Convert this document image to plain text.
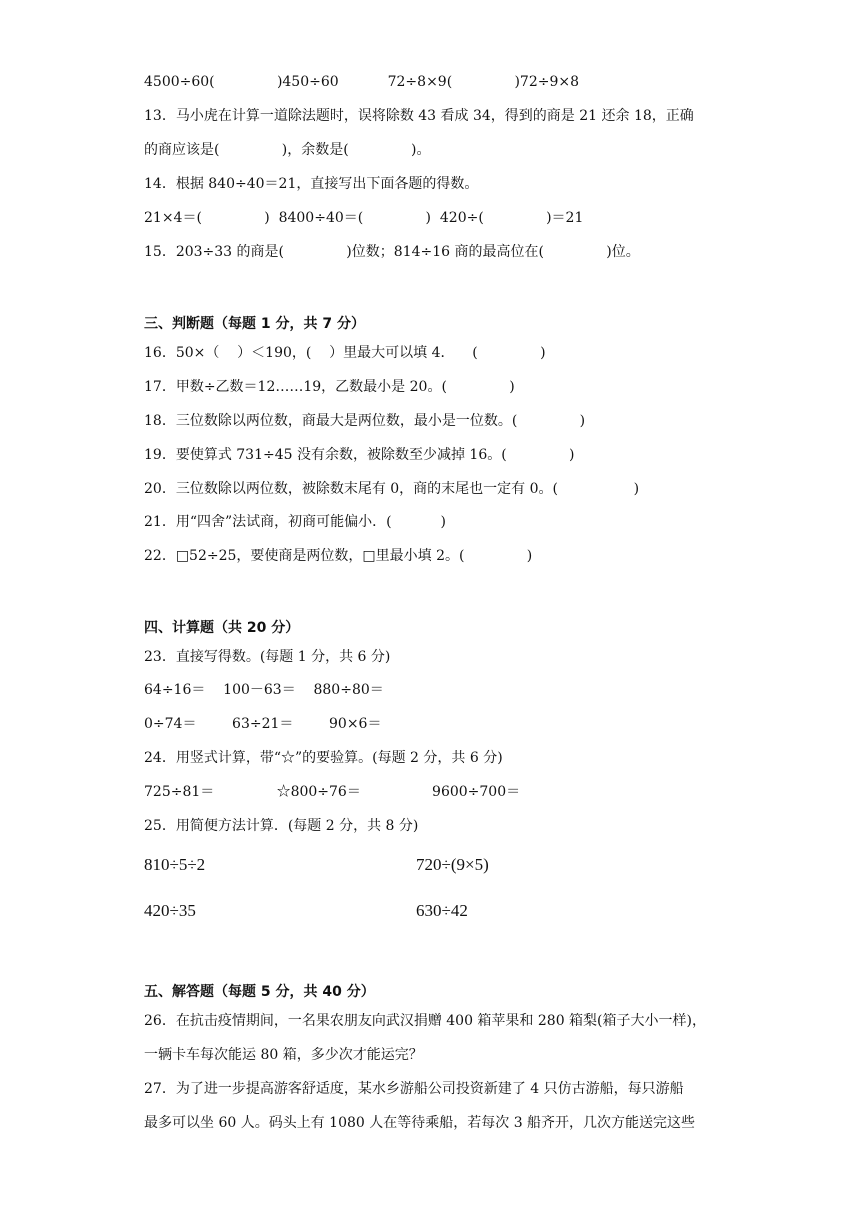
4500÷60(              )450÷60           72÷8×9(              )72÷9×8
13．马小虎在计算一道除法题时，误将除数 43 看成 34，得到的商是 21 还余 18，正确
的商应该是(              )，余数是(              )。
14．根据 840÷40＝21，直接写出下面各题的得数。
21×4＝(              )  8400÷40＝(              )  420÷(              )＝21
15．203÷33 的商是(              )位数；814÷16 商的最高位在(              )位。
三、判断题（每题 1 分，共 7 分）
16．50×（    ）＜190，(    ）里最大可以填 4．    (              )
17．甲数÷乙数＝12……19，乙数最小是 20。(              )
18．三位数除以两位数，商最大是两位数，最小是一位数。(              )
19．要使算式 731÷45 没有余数，被除数至少减掉 16。(              )
20．三位数除以两位数，被除数末尾有 0，商的末尾也一定有 0。(                 )
21．用“四舍”法试商，初商可能偏小．(           )
22．□52÷25，要使商是两位数，□里最小填 2。(              )
四、计算题（共 20 分）
23．直接写得数。(每题 1 分，共 6 分)
64÷16＝    100－63＝    880÷80＝
0÷74＝        63÷21＝        90×6＝
24．用竖式计算，带“☆”的要验算。(每题 2 分，共 6 分)
725÷81＝              ☆800÷76＝                9600÷700＝
25．用简便方法计算．(每题 2 分，共 8 分)
810÷5÷2	720÷(9×5)
420÷35	630÷42
五、解答题（每题 5 分，共 40 分）
26．在抗击疫情期间，一名果农朋友向武汉捐赠 400 箱苹果和 280 箱梨(箱子大小一样)，
一辆卡车每次能运 80 箱，多少次才能运完？
27．为了进一步提高游客舒适度，某水乡游船公司投资新建了 4 只仿古游船，每只游船
最多可以坐 60 人。码头上有 1080 人在等待乘船，若每次 3 船齐开，几次方能送完这些
